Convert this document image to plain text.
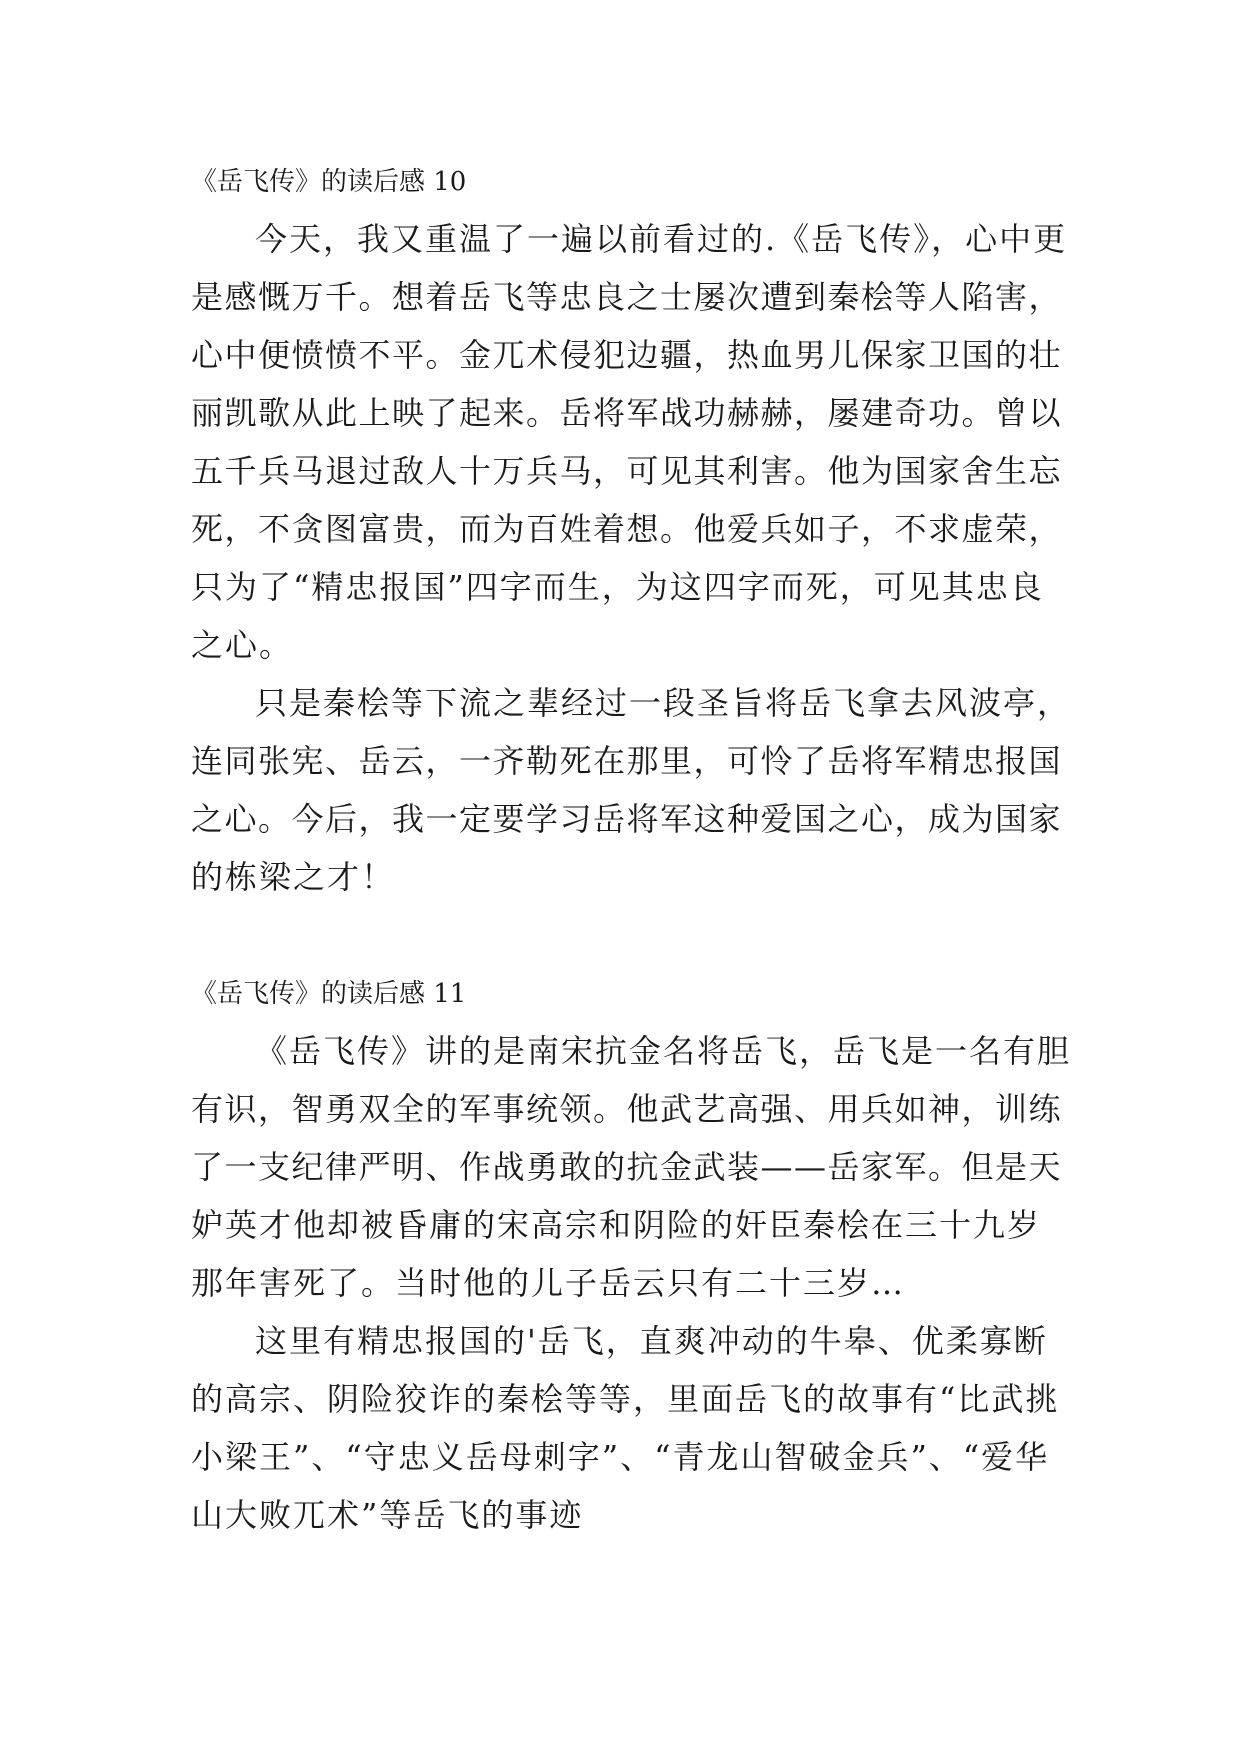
《岳飞传》的读后感 10
今天，我又重温了一遍以前看过的.《岳飞传》，心中更
是感慨万千。想着岳飞等忠良之士屡次遭到秦桧等人陷害，
心中便愤愤不平。金兀术侵犯边疆，热血男儿保家卫国的壮
丽凯歌从此上映了起来。岳将军战功赫赫，屡建奇功。曾以
五千兵马退过敌人十万兵马，可见其利害。他为国家舍生忘
死，不贪图富贵，而为百姓着想。他爱兵如子，不求虚荣，
只为了“精忠报国”四字而生，为这四字而死，可见其忠良
之心。
只是秦桧等下流之辈经过一段圣旨将岳飞拿去风波亭，
连同张宪、岳云，一齐勒死在那里，可怜了岳将军精忠报国
之心。今后，我一定要学习岳将军这种爱国之心，成为国家
的栋梁之才！
《岳飞传》的读后感 11
《岳飞传》讲的是南宋抗金名将岳飞，岳飞是一名有胆
有识，智勇双全的军事统领。他武艺高强、用兵如神，训练
了一支纪律严明、作战勇敢的抗金武装——岳家军。但是天
妒英才他却被昏庸的宋高宗和阴险的奸臣秦桧在三十九岁
那年害死了。当时他的儿子岳云只有二十三岁…
这里有精忠报国的'岳飞，直爽冲动的牛皋、优柔寡断
的高宗、阴险狡诈的秦桧等等，里面岳飞的故事有“比武挑
小梁王”、“守忠义岳母刺字”、“青龙山智破金兵”、“爱华
山大败兀术”等岳飞的事迹
